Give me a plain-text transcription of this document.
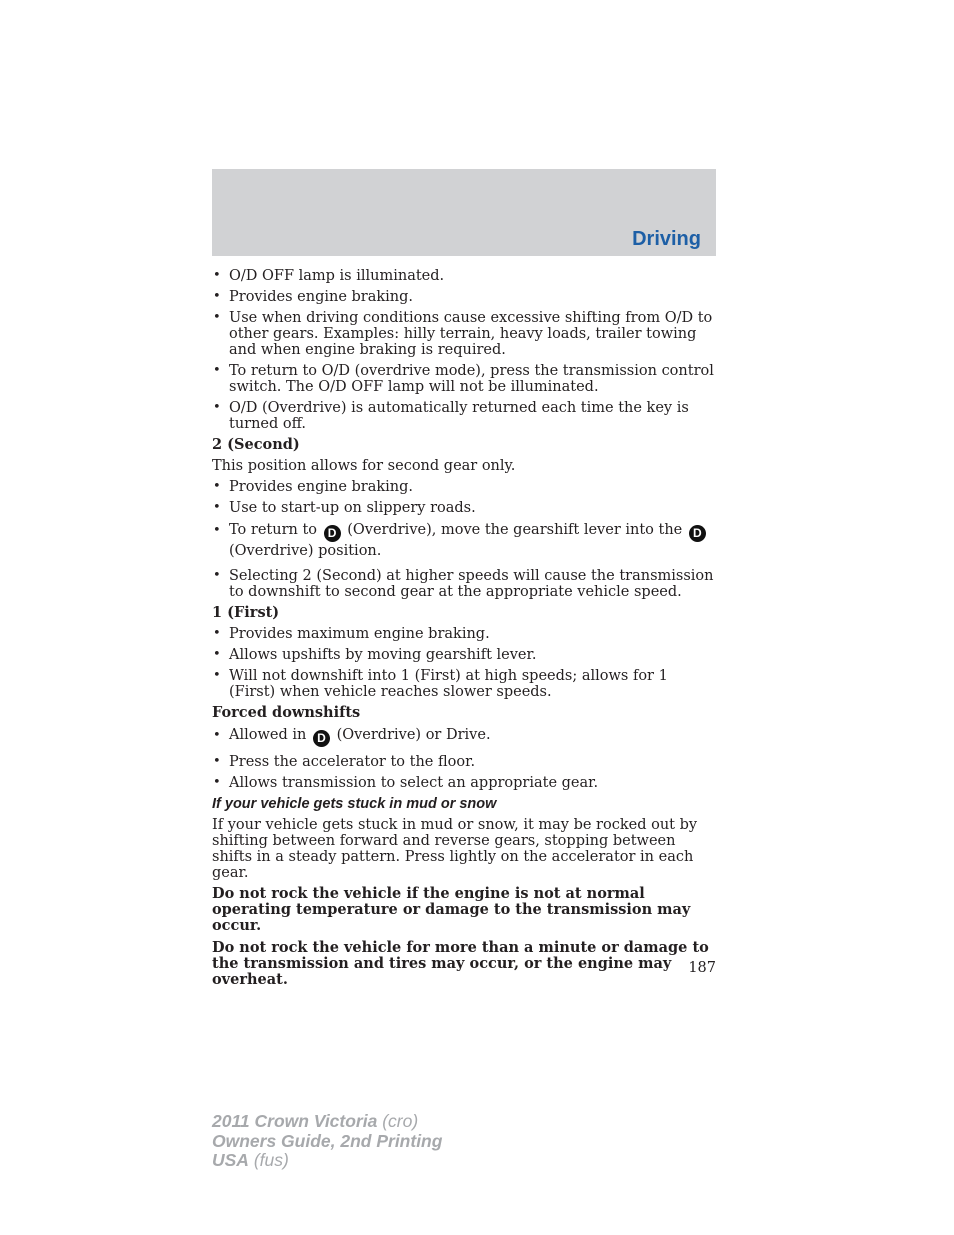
Driving
• O/D OFF lamp is illuminated.
• Provides engine braking.
• Use when driving conditions cause excessive shifting from O/D to other gears. Examples: hilly terrain, heavy loads, trailer towing and when engine braking is required.
• To return to O/D (overdrive mode), press the transmission control switch. The O/D OFF lamp will not be illuminated.
• O/D (Overdrive) is automatically returned each time the key is turned off.
2 (Second)
This position allows for second gear only.
• Provides engine braking.
• Use to start-up on slippery roads.
• To return to D (Overdrive), move the gearshift lever into the D (Overdrive) position.
• Selecting 2 (Second) at higher speeds will cause the transmission to downshift to second gear at the appropriate vehicle speed.
1 (First)
• Provides maximum engine braking.
• Allows upshifts by moving gearshift lever.
• Will not downshift into 1 (First) at high speeds; allows for 1 (First) when vehicle reaches slower speeds.
Forced downshifts
• Allowed in D (Overdrive) or Drive.
• Press the accelerator to the floor.
• Allows transmission to select an appropriate gear.
If your vehicle gets stuck in mud or snow
If your vehicle gets stuck in mud or snow, it may be rocked out by shifting between forward and reverse gears, stopping between shifts in a steady pattern. Press lightly on the accelerator in each gear.
Do not rock the vehicle if the engine is not at normal operating temperature or damage to the transmission may occur.
Do not rock the vehicle for more than a minute or damage to the transmission and tires may occur, or the engine may overheat.
187
2011 Crown Victoria (cro)
Owners Guide, 2nd Printing
USA (fus)
